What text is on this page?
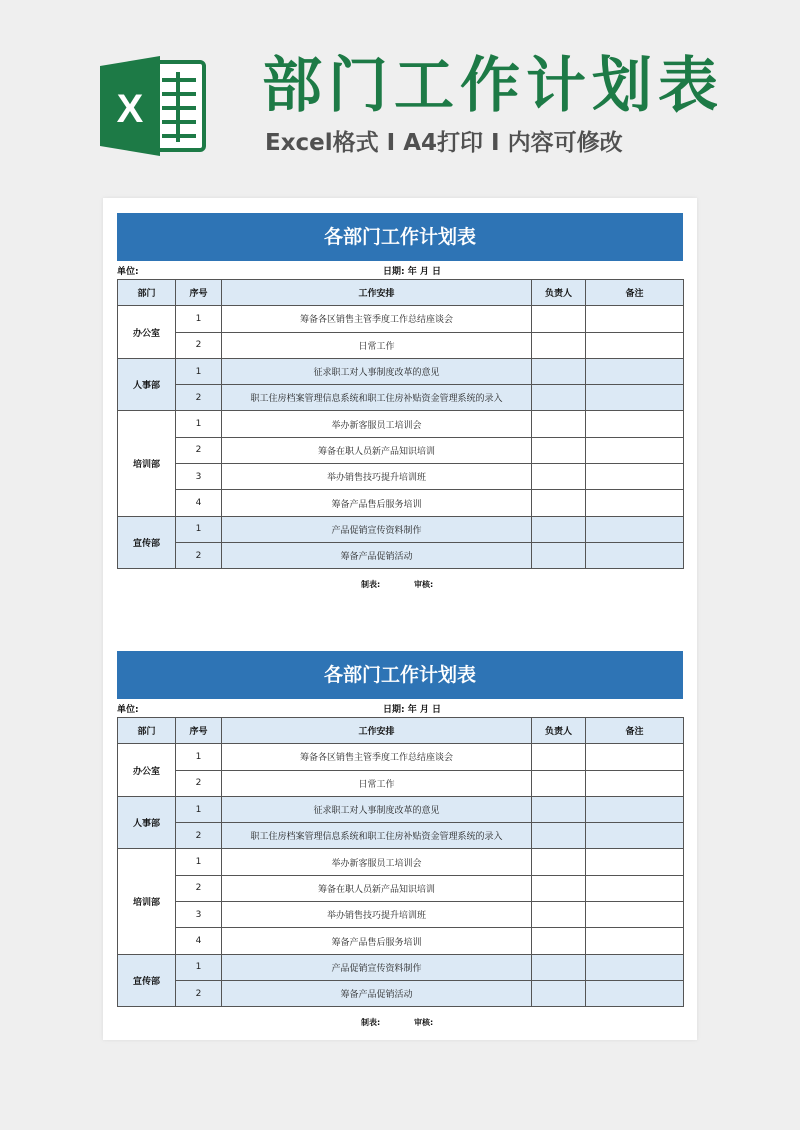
X 部门工作计划表
Excel格式 I A4打印 I 内容可修改
各部门工作计划表
单位:	日期: 年 月 日
部门	序号	工作安排	负责人	备注
办公室	1	筹备各区销售主管季度工作总结座谈会		
	2	日常工作		
人事部	1	征求职工对人事制度改革的意见		
	2	职工住房档案管理信息系统和职工住房补贴资金管理系统的录入		
培训部	1	举办新客服员工培训会		
	2	筹备在职人员新产品知识培训		
	3	举办销售技巧提升培训班		
	4	筹备产品售后服务培训		
宣传部	1	产品促销宣传资料制作		
	2	筹备产品促销活动		
制表:	审核:
各部门工作计划表
单位:	日期: 年 月 日
部门	序号	工作安排	负责人	备注
办公室	1	筹备各区销售主管季度工作总结座谈会		
	2	日常工作		
人事部	1	征求职工对人事制度改革的意见		
	2	职工住房档案管理信息系统和职工住房补贴资金管理系统的录入		
培训部	1	举办新客服员工培训会		
	2	筹备在职人员新产品知识培训		
	3	举办销售技巧提升培训班		
	4	筹备产品售后服务培训		
宣传部	1	产品促销宣传资料制作		
	2	筹备产品促销活动		
制表:	审核:
